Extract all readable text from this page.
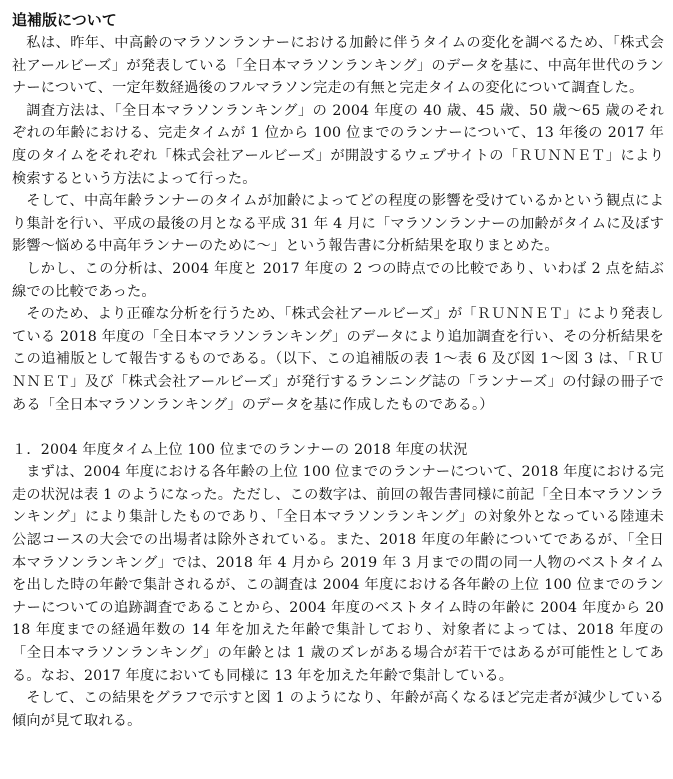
追補版について

私は、昨年、中高齢のマラソンランナーにおける加齢に伴うタイムの変化を調べるため、「株式会社アールビーズ」が発表している「全日本マラソンランキング」のデータを基に、中高年世代のランナーについて、一定年数経過後のフルマラソン完走の有無と完走タイムの変化について調査した。

調査方法は、「全日本マラソンランキング」の 2004 年度の 40 歳、45 歳、50 歳～65 歳のそれぞれの年齢における、完走タイムが 1 位から 100 位までのランナーについて、13 年後の 2017 年度のタイムをそれぞれ「株式会社アールビーズ」が開設するウェブサイトの「ＲＵＮＮＥＴ」により検索するという方法によって行った。

そして、中高年齢ランナーのタイムが加齢によってどの程度の影響を受けているかという観点により集計を行い、平成の最後の月となる平成 31 年 4 月に「マラソンランナーの加齢がタイムに及ぼす影響～悩める中高年ランナーのために～」という報告書に分析結果を取りまとめた。

しかし、この分析は、2004 年度と 2017 年度の 2 つの時点での比較であり、いわば 2 点を結ぶ線での比較であった。

そのため、より正確な分析を行うため、「株式会社アールビーズ」が「ＲＵＮＮＥＴ」により発表している 2018 年度の「全日本マラソンランキング」のデータにより追加調査を行い、その分析結果をこの追補版として報告するものである。（以下、この追補版の表 1～表 6 及び図 1～図 3 は、「ＲＵＮＮＥＴ」及び「株式会社アールビーズ」が発行するランニング誌の「ランナーズ」の付録の冊子である「全日本マラソンランキング」のデータを基に作成したものである。）

１．2004 年度タイム上位 100 位までのランナーの 2018 年度の状況

まずは、2004 年度における各年齢の上位 100 位までのランナーについて、2018 年度における完走の状況は表 1 のようになった。ただし、この数字は、前回の報告書同様に前記「全日本マラソンランキング」により集計したものであり、「全日本マラソンランキング」の対象外となっている陸連未公認コースの大会での出場者は除外されている。また、2018 年度の年齢についてであるが、「全日本マラソンランキング」では、2018 年 4 月から 2019 年 3 月までの間の同一人物のベストタイムを出した時の年齢で集計されるが、この調査は 2004 年度における各年齢の上位 100 位までのランナーについての追跡調査であることから、2004 年度のベストタイム時の年齢に 2004 年度から 2018 年度までの経過年数の 14 年を加えた年齢で集計しており、対象者によっては、2018 年度の「全日本マラソンランキング」の年齢とは 1 歳のズレがある場合が若干ではあるが可能性としてある。なお、2017 年度においても同様に 13 年を加えた年齢で集計している。

そして、この結果をグラフで示すと図 1 のようになり、年齢が高くなるほど完走者が減少している傾向が見て取れる。
